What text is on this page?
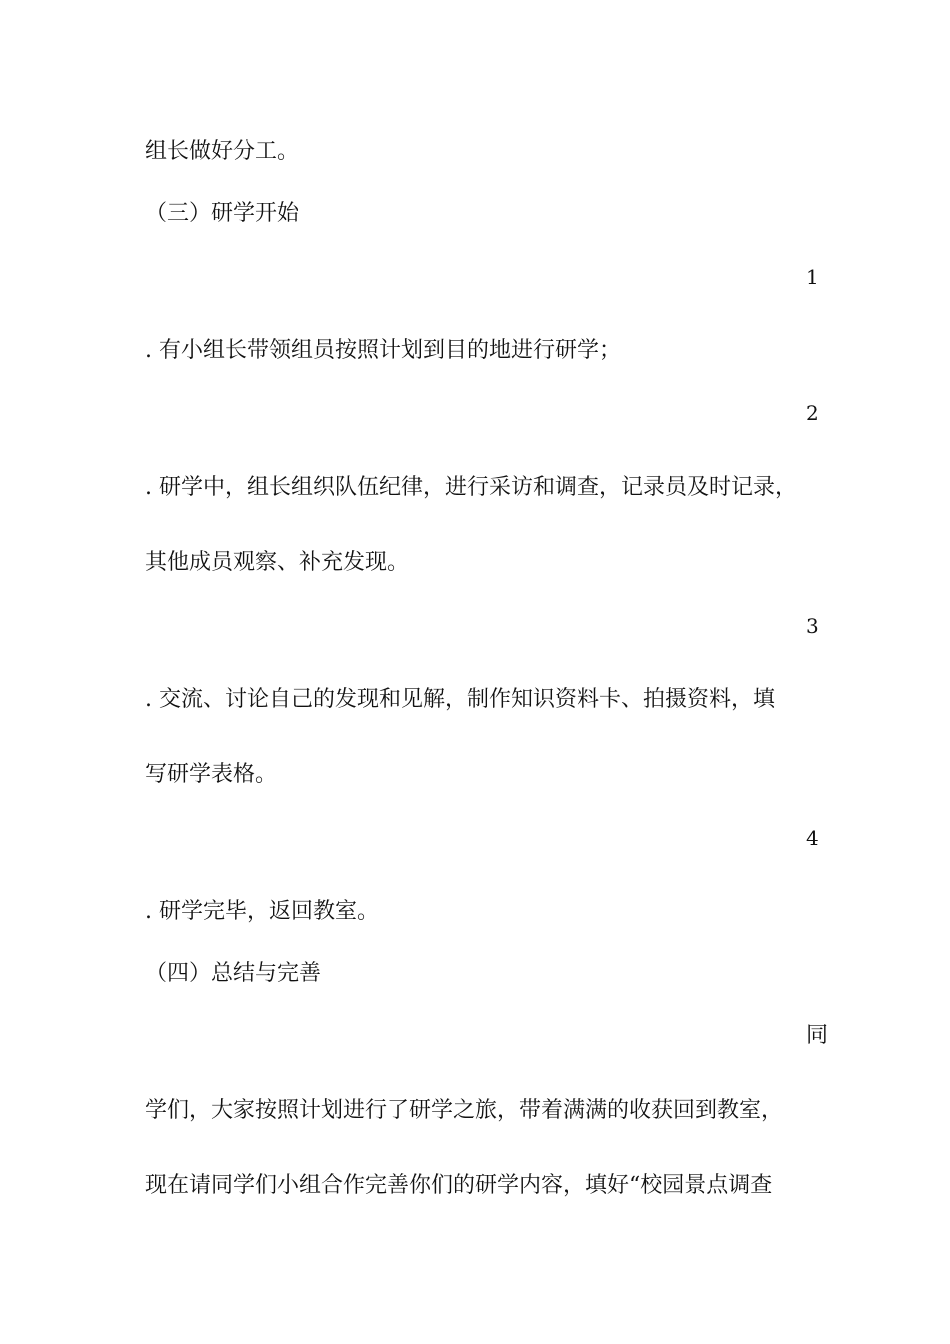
组长做好分工。
（三）研学开始
1
. 有小组长带领组员按照计划到目的地进行研学；
2
. 研学中，组长组织队伍纪律，进行采访和调查，记录员及时记录，
其他成员观察、补充发现。
3
. 交流、讨论自己的发现和见解，制作知识资料卡、拍摄资料，填
写研学表格。
4
. 研学完毕，返回教室。
（四）总结与完善
同
学们，大家按照计划进行了研学之旅，带着满满的收获回到教室，
现在请同学们小组合作完善你们的研学内容，填好“校园景点调查
